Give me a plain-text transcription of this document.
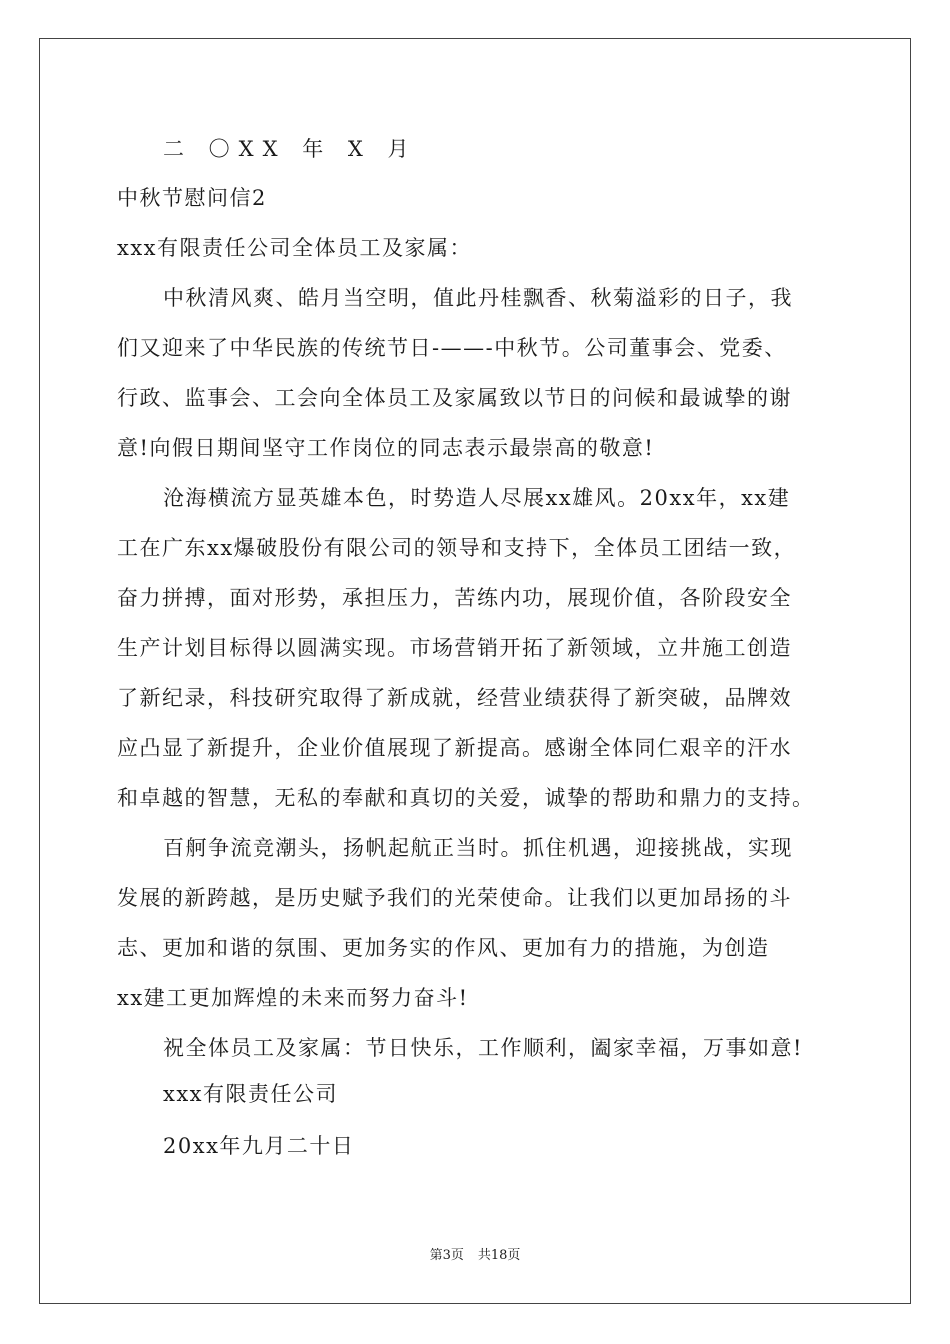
二 〇XX 年 X 月
中秋节慰问信2
xxx有限责任公司全体员工及家属：
中秋清风爽、皓月当空明，值此丹桂飘香、秋菊溢彩的日子，我
们又迎来了中华民族的传统节日-——-中秋节。公司董事会、党委、
行政、监事会、工会向全体员工及家属致以节日的问候和最诚挚的谢
意!向假日期间坚守工作岗位的同志表示最崇高的敬意!
沧海横流方显英雄本色，时势造人尽展xx雄风。20xx年，xx建
工在广东xx爆破股份有限公司的领导和支持下，全体员工团结一致，
奋力拼搏，面对形势，承担压力，苦练内功，展现价值，各阶段安全
生产计划目标得以圆满实现。市场营销开拓了新领域，立井施工创造
了新纪录，科技研究取得了新成就，经营业绩获得了新突破，品牌效
应凸显了新提升，企业价值展现了新提高。感谢全体同仁艰辛的汗水
和卓越的智慧，无私的奉献和真切的关爱，诚挚的帮助和鼎力的支持。
百舸争流竞潮头，扬帆起航正当时。抓住机遇，迎接挑战，实现
发展的新跨越，是历史赋予我们的光荣使命。让我们以更加昂扬的斗
志、更加和谐的氛围、更加务实的作风、更加有力的措施，为创造
xx建工更加辉煌的未来而努力奋斗!
祝全体员工及家属：节日快乐，工作顺利，阖家幸福，万事如意!
xxx有限责任公司
20xx年九月二十日
第3页 共18页
